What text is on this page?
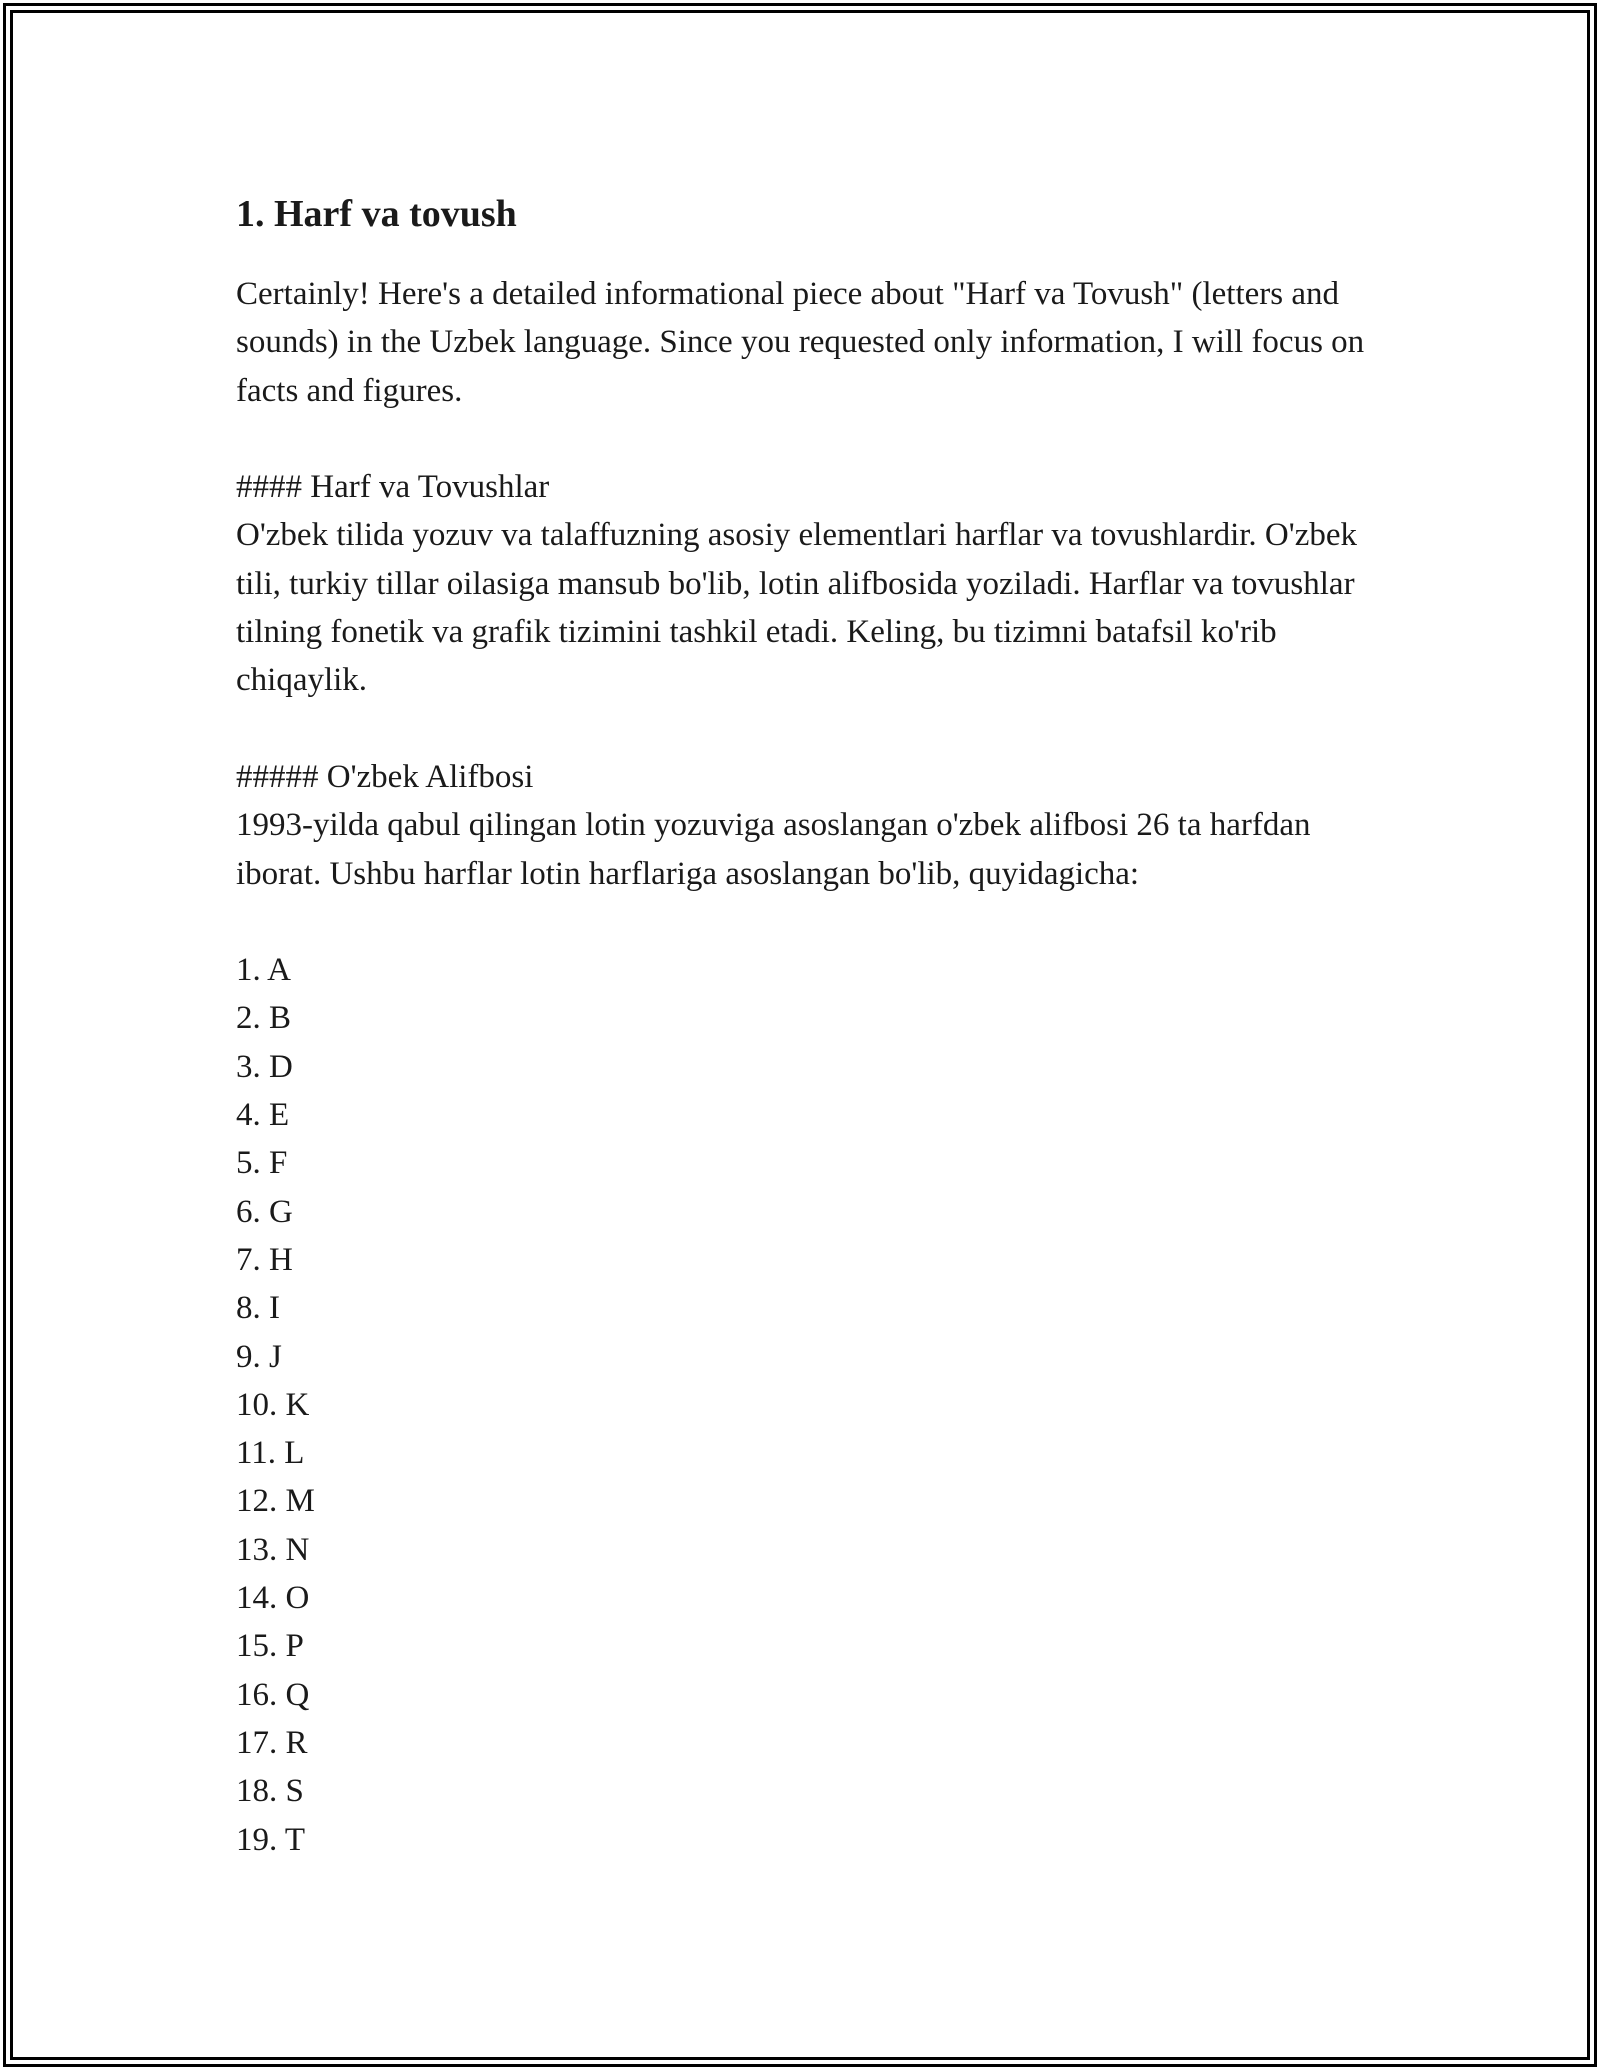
1. Harf va tovush

Certainly! Here's a detailed informational piece about "Harf va Tovush" (letters and sounds) in the Uzbek language. Since you requested only information, I will focus on facts and figures.

#### Harf va Tovushlar

O'zbek tilida yozuv va talaffuzning asosiy elementlari harflar va tovushlardir. O'zbek tili, turkiy tillar oilasiga mansub bo'lib, lotin alifbosida yoziladi. Harflar va tovushlar tilning fonetik va grafik tizimini tashkil etadi. Keling, bu tizimni batafsil ko'rib chiqaylik.

##### O'zbek Alifbosi

1993-yilda qabul qilingan lotin yozuviga asoslangan o'zbek alifbosi 26 ta harfdan iborat. Ushbu harflar lotin harflariga asoslangan bo'lib, quyidagicha:

1. A
2. B
3. D
4. E
5. F
6. G
7. H
8. I
9. J
10. K
11. L
12. M
13. N
14. O
15. P
16. Q
17. R
18. S
19. T
